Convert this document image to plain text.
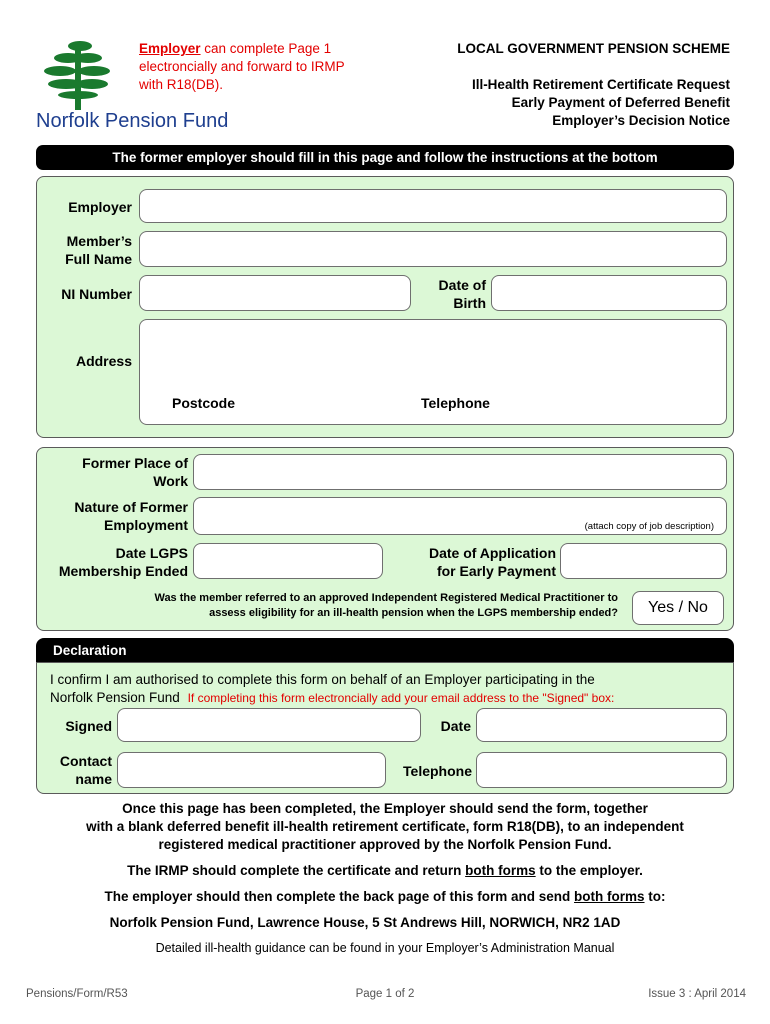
Norfolk Pension Fund
Employer can complete Page 1
electroncially and forward to IRMP
with R18(DB).
LOCAL GOVERNMENT PENSION SCHEME
Ill-Health Retirement Certificate Request
Early Payment of Deferred Benefit
Employer’s Decision Notice
The former employer should fill in this page and follow the instructions at the bottom
Employer
Member’s
Full Name
NI Number
Date of
Birth
Address
Postcode	Telephone
Former Place of
Work
Nature of Former
Employment	(attach copy of job description)
Date LGPS
Membership Ended
Date of Application
for Early Payment
Was the member referred to an approved Independent Registered Medical Practitioner to
assess eligibility for an ill-health pension when the LGPS membership ended?	Yes / No
Declaration
I confirm I am authorised to complete this form on behalf of an Employer participating in the
Norfolk Pension Fund If completing this form electroncially add your email address to the "Signed" box:
Signed	Date
Contact
name	Telephone
Once this page has been completed, the Employer should send the form, together
with a blank deferred benefit ill-health retirement certificate, form R18(DB), to an independent
registered medical practitioner approved by the Norfolk Pension Fund.
The IRMP should complete the certificate and return both forms to the employer.
The employer should then complete the back page of this form and send both forms to:
Norfolk Pension Fund, Lawrence House, 5 St Andrews Hill, NORWICH, NR2 1AD
Detailed ill-health guidance can be found in your Employer’s Administration Manual
Pensions/Form/R53	Page 1 of 2	Issue 3 : April 2014
